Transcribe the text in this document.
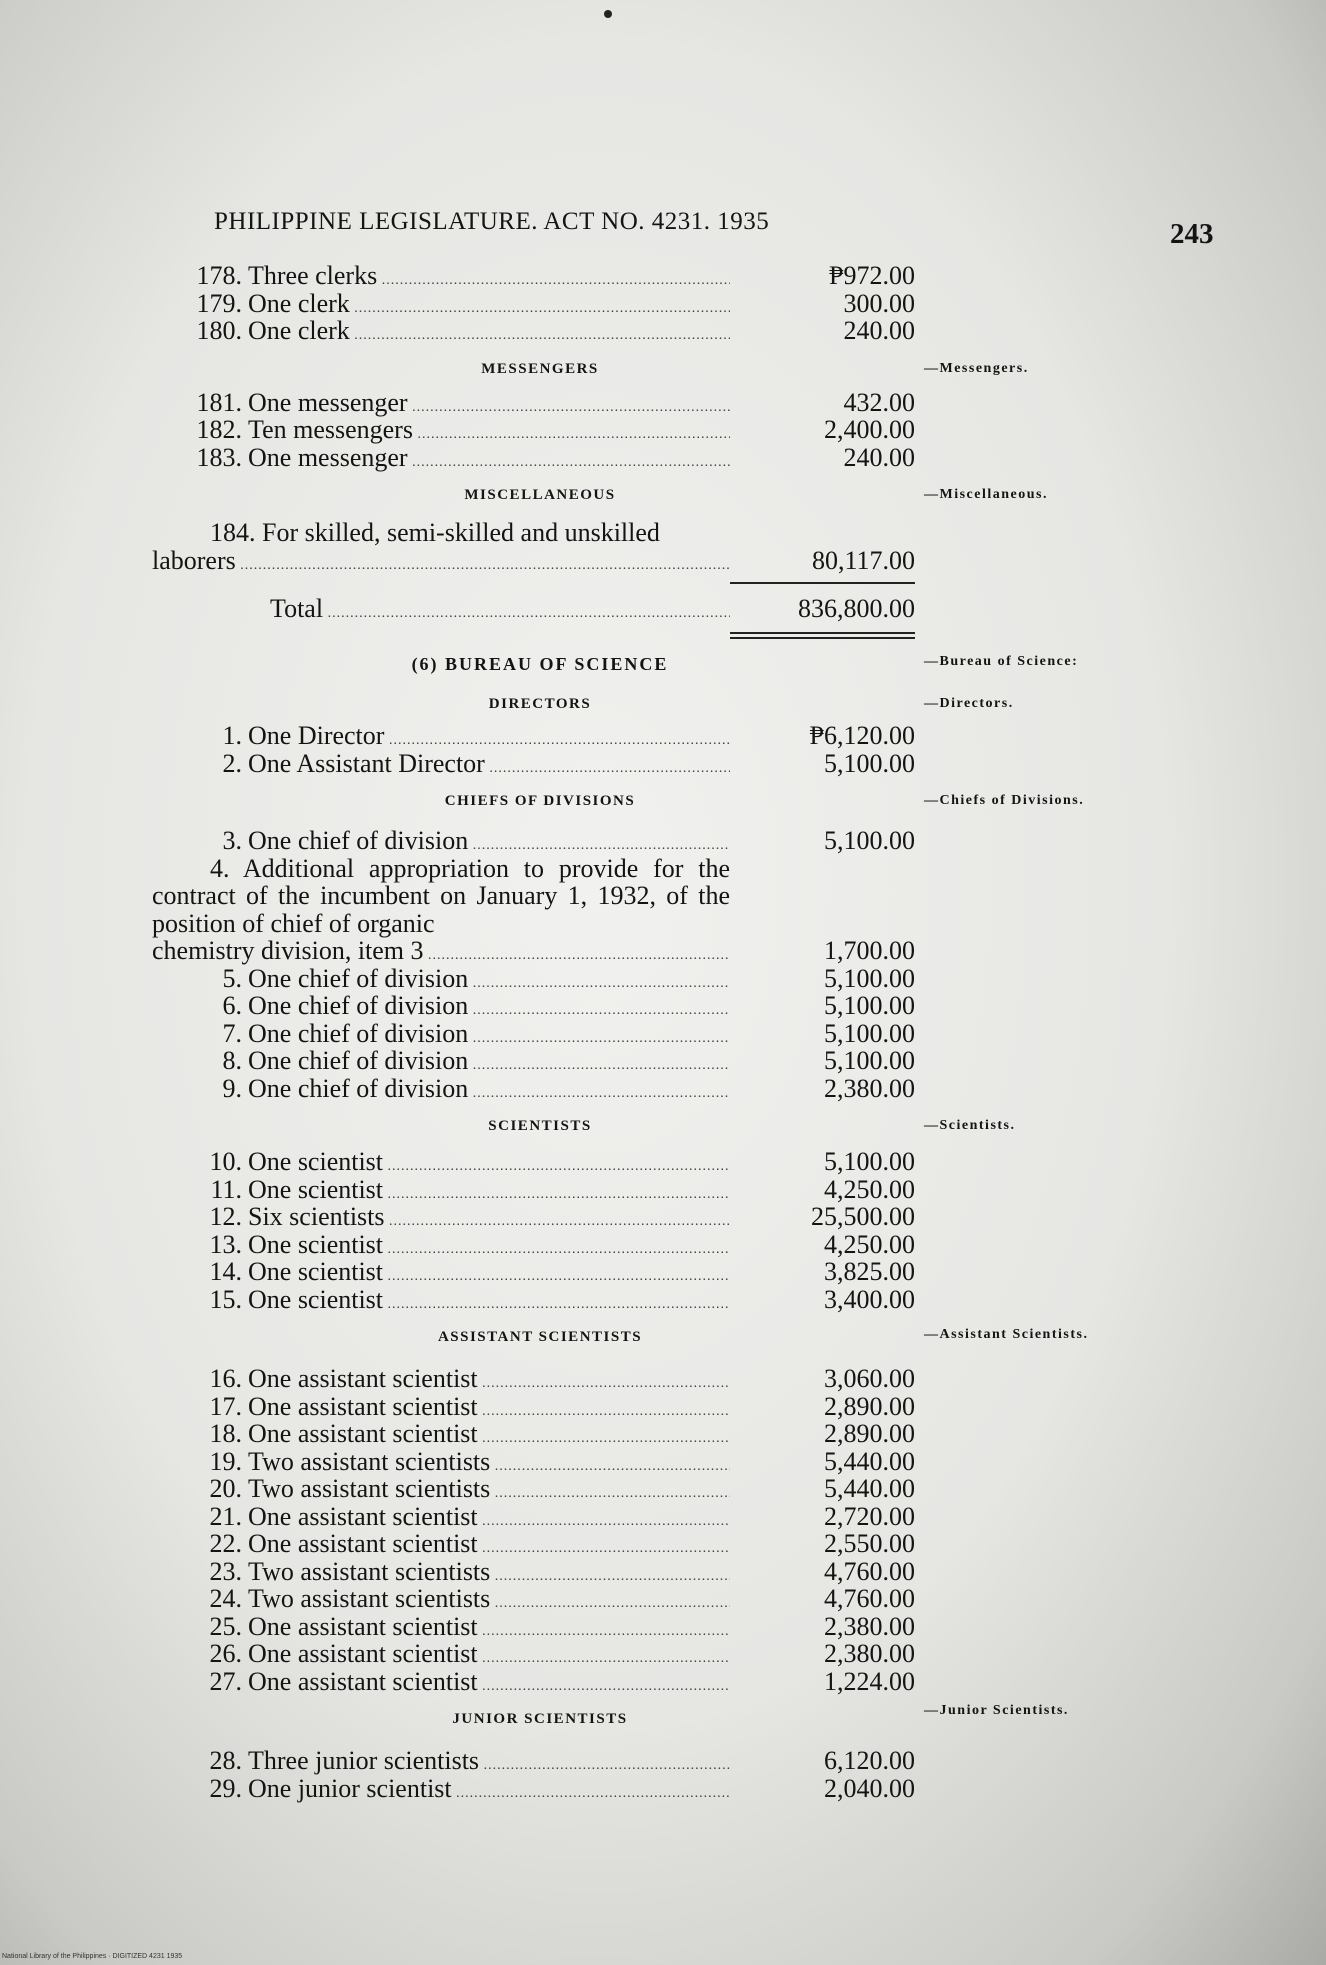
PHILIPPINE LEGISLATURE. ACT NO. 4231. 1935	243
178. Three clerks .....	₱972.00
179. One clerk .....	300.00
180. One clerk .....	240.00
MESSENGERS	—Messengers.
181. One messenger .....	432.00
182. Ten messengers .....	2,400.00
183. One messenger .....	240.00
MISCELLANEOUS	—Miscellaneous.
184. For skilled, semi-skilled and unskilled
laborers .....	80,117.00
Total .....	836,800.00
(6) BUREAU OF SCIENCE	—Bureau of Science:
DIRECTORS	—Directors.
1. One Director .....	₱6,120.00
2. One Assistant Director .....	5,100.00
CHIEFS OF DIVISIONS	—Chiefs of Divisions.
3. One chief of division .....	5,100.00
4. Additional appropriation to provide for the contract of the incumbent on January 1, 1932, of the position of chief of organic
chemistry division, item 3 .....	1,700.00
5. One chief of division .....	5,100.00
6. One chief of division .....	5,100.00
7. One chief of division .....	5,100.00
8. One chief of division .....	5,100.00
9. One chief of division .....	2,380.00
SCIENTISTS	—Scientists.
10. One scientist .....	5,100.00
11. One scientist .....	4,250.00
12. Six scientists .....	25,500.00
13. One scientist .....	4,250.00
14. One scientist .....	3,825.00
15. One scientist .....	3,400.00
ASSISTANT SCIENTISTS	—Assistant Scientists.
16. One assistant scientist .....	3,060.00
17. One assistant scientist .....	2,890.00
18. One assistant scientist .....	2,890.00
19. Two assistant scientists .....	5,440.00
20. Two assistant scientists .....	5,440.00
21. One assistant scientist .....	2,720.00
22. One assistant scientist .....	2,550.00
23. Two assistant scientists .....	4,760.00
24. Two assistant scientists .....	4,760.00
25. One assistant scientist .....	2,380.00
26. One assistant scientist .....	2,380.00
27. One assistant scientist .....	1,224.00
JUNIOR SCIENTISTS
—Junior Scientists.
28. Three junior scientists .....	6,120.00
29. One junior scientist .....	2,040.00
National Library of the Philippines · DIGITIZED 4231 1935
